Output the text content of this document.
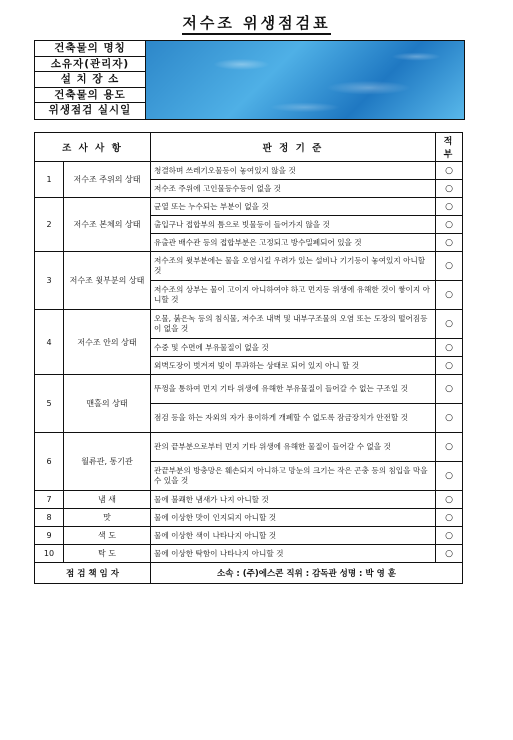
저수조 위생점검표
건축물의 명칭
소유자(관리자)
설 치 장 소
건축물의 용도
위생점검 실시일
조 사 사 항		판 정 기 준	적부
1	저수조 주위의 상태	청결하며 쓰레기오물등이 놓여있지 않을 것	○
		저수조 주위에 고인물등수등이 없을 것	○
2	저수조 본체의 상태	균열 또는 누수되는 부분이 없을 것	○
		출입구나 접합부의 틈으로 빗물등이 들어가지 않을 것	○
		유출관 배수관 등의 접합부분은 고정되고 방수밀폐되어 있을 것	○
3	저수조 윗부분의 상태	저수조의 윗부분에는 물을 오염시킬 우려가 있는 설비나 기기등이 놓여있지 아니할 것	○
		저수조의 상부는 물이 고이지 아니하여야 하고 먼지등 위생에 유해한 것이 쌓이지 아니할 것	○
4	저수조 안의 상태	오물, 붉은녹 등의 침식물, 저수조 내벽 및 내부구조물의 오염 또는 도장의 떨어짐등이 없을 것	○
		수중 및 수면에 부유물질이 없을 것	○
		외벽도장이 벗겨져 빛이 투과하는 상태로 되어 있지 아니 할 것	○
5	맨홀의 상태	뚜껑을 통하여 먼지 기타 위생에 유해한 부유물질이 들어갈 수 없는 구조일 것	○
		점검 등을 하는 자외의 자가 용이하게 개폐할 수 없도록 잠금장치가 안전할 것	○
6	월류관, 통기관	관의 끝부분으로부터 먼지 기타 위생에 유해한 물질이 들어갈 수 없을 것	○
		관끝부분의 방충망은 훼손되지 아니하고 망눈의 크기는 작은 곤충 등의 침입을 막을 수 있을 것	○
7	냄 새	물에 불쾌한 냄새가 나지 아니할 것	○
8	맛	물에 이상한 맛이 인지되지 아니할 것	○
9	색 도	물에 이상한 색이 나타나지 아니할 것	○
10	탁 도	물에 이상한 탁함이 나타나지 아니할 것	○
점 검 책 임 자		소속 : (주)에스콘 직위 : 감독관 성명 : 박 영 훈	
